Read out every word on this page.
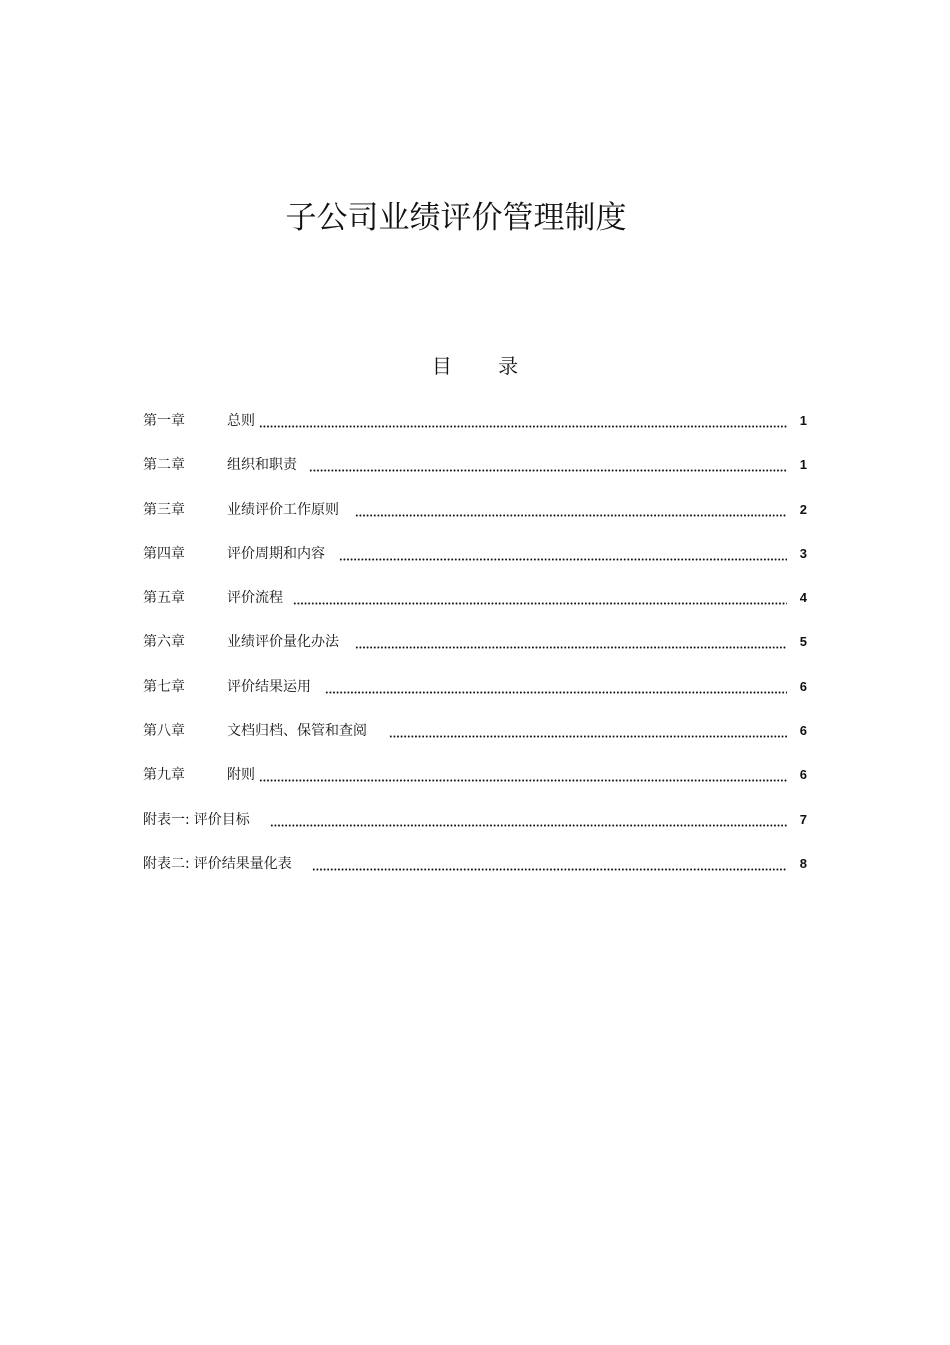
子公司业绩评价管理制度
目 录
第一章	总则	1
第二章	组织和职责	1
第三章	业绩评价工作原则	2
第四章	评价周期和内容	3
第五章	评价流程	4
第六章	业绩评价量化办法	5
第七章	评价结果运用	6
第八章	文档归档、保管和查阅	6
第九章	附则	6
附表一: 评价目标	7
附表二: 评价结果量化表	8
